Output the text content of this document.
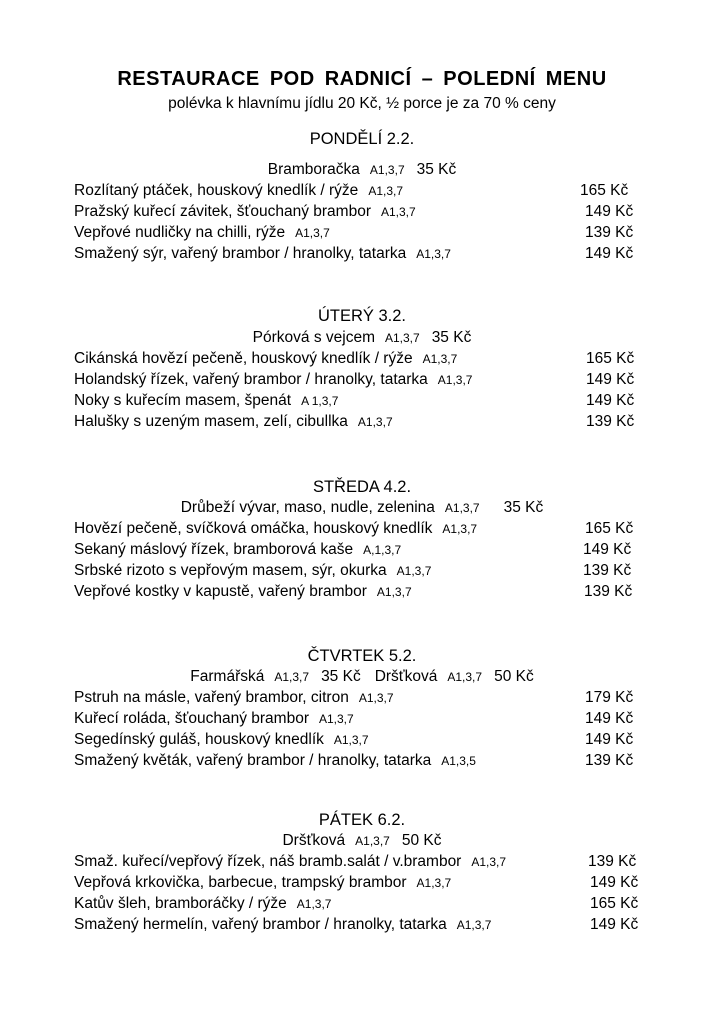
RESTAURACE POD RADNICÍ – POLEDNÍ MENU
polévka k hlavnímu jídlu 20 Kč, ½ porce je za 70 % ceny
PONDĚLÍ 2.2.
Bramboračka A1,3,7 35 Kč
Rozlítaný ptáček, houskový knedlík / rýže A1,3,7	165 Kč
Pražský kuřecí závitek, šťouchaný brambor A1,3,7	149 Kč
Vepřové nudličky na chilli, rýže A1,3,7	139 Kč
Smažený sýr, vařený brambor / hranolky, tatarka A1,3,7	149 Kč
ÚTERÝ 3.2.
Pórková s vejcem A1,3,7 35 Kč
Cikánská hovězí pečeně, houskový knedlík / rýže A1,3,7	165 Kč
Holandský řízek, vařený brambor / hranolky, tatarka A1,3,7	149 Kč
Noky s kuřecím masem, špenát A 1,3,7	149 Kč
Halušky s uzeným masem, zelí, cibullka A1,3,7	139 Kč
STŘEDA 4.2.
Drůbeží vývar, maso, nudle, zelenina A1,3,7 35 Kč
Hovězí pečeně, svíčková omáčka, houskový knedlík A1,3,7	165 Kč
Sekaný máslový řízek, bramborová kaše A,1,3,7	149 Kč
Srbské rizoto s vepřovým masem, sýr, okurka A1,3,7	139 Kč
Vepřové kostky v kapustě, vařený brambor A1,3,7	139 Kč
ČTVRTEK 5.2.
Farmářská A1,3,7 35 Kč Dršťková A1,3,7 50 Kč
Pstruh na másle, vařený brambor, citron A1,3,7	179 Kč
Kuřecí roláda, šťouchaný brambor A1,3,7	149 Kč
Segedínský guláš, houskový knedlík A1,3,7	149 Kč
Smažený květák, vařený brambor / hranolky, tatarka A1,3,5	139 Kč
PÁTEK 6.2.
Dršťková A1,3,7 50 Kč
Smaž. kuřecí/vepřový řízek, náš bramb.salát / v.brambor A1,3,7	139 Kč
Vepřová krkovička, barbecue, trampský brambor A1,3,7	149 Kč
Katův šleh, bramboráčky / rýže A1,3,7	165 Kč
Smažený hermelín, vařený brambor / hranolky, tatarka A1,3,7	149 Kč
